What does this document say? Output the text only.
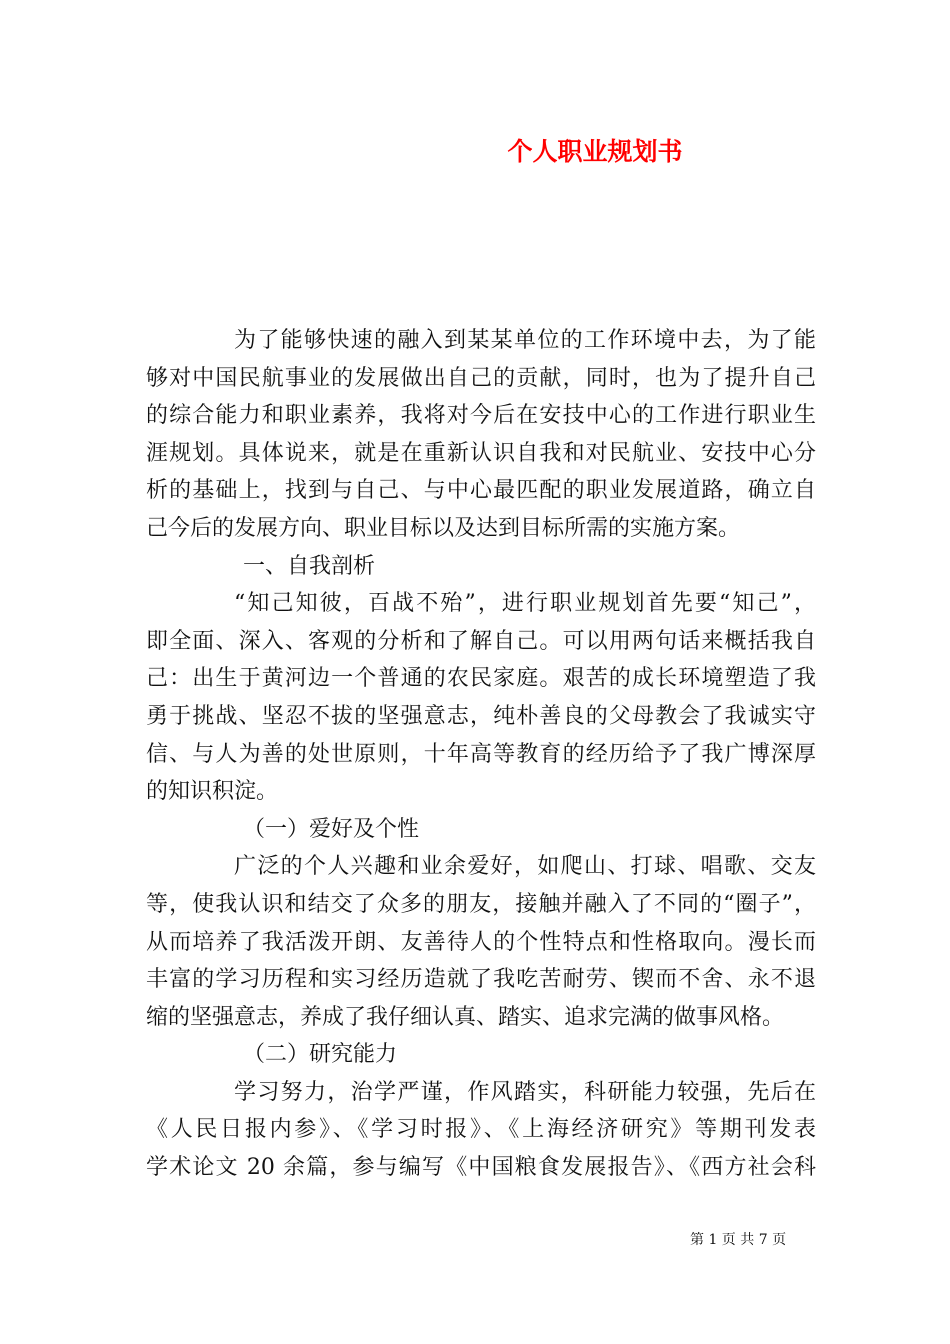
个人职业规划书
为了能够快速的融入到某某单位的工作环境中去，为了能
够对中国民航事业的发展做出自己的贡献，同时，也为了提升自己
的综合能力和职业素养，我将对今后在安技中心的工作进行职业生
涯规划。具体说来，就是在重新认识自我和对民航业、安技中心分
析的基础上，找到与自己、与中心最匹配的职业发展道路，确立自
己今后的发展方向、职业目标以及达到目标所需的实施方案。
一、自我剖析
“知己知彼，百战不殆”，进行职业规划首先要“知己”，
即全面、深入、客观的分析和了解自己。可以用两句话来概括我自
己：出生于黄河边一个普通的农民家庭。艰苦的成长环境塑造了我
勇于挑战、坚忍不拔的坚强意志，纯朴善良的父母教会了我诚实守
信、与人为善的处世原则，十年高等教育的经历给予了我广博深厚
的知识积淀。
（一）爱好及个性
广泛的个人兴趣和业余爱好，如爬山、打球、唱歌、交友
等，使我认识和结交了众多的朋友，接触并融入了不同的“圈子”，
从而培养了我活泼开朗、友善待人的个性特点和性格取向。漫长而
丰富的学习历程和实习经历造就了我吃苦耐劳、锲而不舍、永不退
缩的坚强意志，养成了我仔细认真、踏实、追求完满的做事风格。
（二）研究能力
学习努力，治学严谨，作风踏实，科研能力较强，先后在
《人民日报内参》、《学习时报》、《上海经济研究》等期刊发表
学术论文 20 余篇，参与编写《中国粮食发展报告》、《西方社会科
第 1 页 共 7 页
